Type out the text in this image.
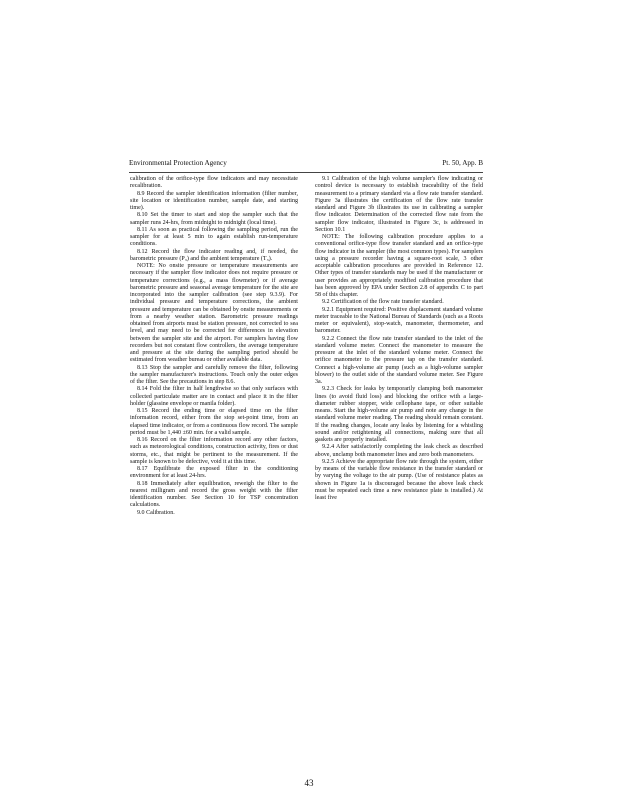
Environmental Protection Agency	Pt. 50, App. B

calibration of the orifice-type flow indicators and may necessitate recalibration.

8.9 Record the sampler identification information (filter number, site location or identification number, sample date, and starting time).

8.10 Set the timer to start and stop the sampler such that the sampler runs 24-hrs, from midnight to midnight (local time).

8.11 As soon as practical following the sampling period, run the sampler for at least 5 min to again establish run-temperature conditions.

8.12 Record the flow indicator reading and, if needed, the barometric pressure (P₃) and the ambient temperature (T₃).

NOTE: No onsite pressure or temperature measurements are necessary if the sampler flow indicator does not require pressure or temperature corrections (e.g., a mass flowmeter) or if average barometric pressure and seasonal average temperature for the site are incorporated into the sampler calibration (see step 9.3.9). For individual pressure and temperature corrections, the ambient pressure and temperature can be obtained by onsite measurements or from a nearby weather station. Barometric pressure readings obtained from airports must be station pressure, not corrected to sea level, and may need to be corrected for differences in elevation between the sampler site and the airport. For samplers having flow recorders but not constant flow controllers, the average temperature and pressure at the site during the sampling period should be estimated from weather bureau or other available data.

8.13 Stop the sampler and carefully remove the filter, following the sampler manufacturer's instructions. Touch only the outer edges of the filter. See the precautions in step 8.6.

8.14 Fold the filter in half lengthwise so that only surfaces with collected particulate matter are in contact and place it in the filter holder (glassine envelope or manila folder).

8.15 Record the ending time or elapsed time on the filter information record, either from the stop set-point time, from an elapsed time indicator, or from a continuous flow record. The sample period must be 1,440 ±60 min. for a valid sample.

8.16 Record on the filter information record any other factors, such as meteorological conditions, construction activity, fires or dust storms, etc., that might be pertinent to the measurement. If the sample is known to be defective, void it at this time.

8.17 Equilibrate the exposed filter in the conditioning environment for at least 24-hrs.

8.18 Immediately after equilibration, reweigh the filter to the nearest milligram and record the gross weight with the filter identification number. See Section 10 for TSP concentration calculations.

9.0 Calibration.

9.1 Calibration of the high volume sampler's flow indicating or control device is necessary to establish traceability of the field measurement to a primary standard via a flow rate transfer standard. Figure 3a illustrates the certification of the flow rate transfer standard and Figure 3b illustrates its use in calibrating a sampler flow indicator. Determination of the corrected flow rate from the sampler flow indicator, illustrated in Figure 3c, is addressed in Section 10.1

NOTE: The following calibration procedure applies to a conventional orifice-type flow transfer standard and an orifice-type flow indicator in the sampler (the most common types). For samplers using a pressure recorder having a square-root scale, 3 other acceptable calibration procedures are provided in Reference 12. Other types of transfer standards may be used if the manufacturer or user provides an appropriately modified calibration procedure that has been approved by EPA under Section 2.8 of appendix C to part 58 of this chapter.

9.2 Certification of the flow rate transfer standard.

9.2.1 Equipment required: Positive displacement standard volume meter traceable to the National Bureau of Standards (such as a Roots meter or equivalent), stop-watch, manometer, thermometer, and barometer.

9.2.2 Connect the flow rate transfer standard to the inlet of the standard volume meter. Connect the manometer to measure the pressure at the inlet of the standard volume meter. Connect the orifice manometer to the pressure tap on the transfer standard. Connect a high-volume air pump (such as a high-volume sampler blower) to the outlet side of the standard volume meter. See Figure 3a.

9.2.3 Check for leaks by temporarily clamping both manometer lines (to avoid fluid loss) and blocking the orifice with a large-diameter rubber stopper, wide cellophane tape, or other suitable means. Start the high-volume air pump and note any change in the standard volume meter reading. The reading should remain constant. If the reading changes, locate any leaks by listening for a whistling sound and/or retightening all connections, making sure that all gaskets are properly installed.

9.2.4 After satisfactorily completing the leak check as described above, unclamp both manometer lines and zero both manometers.

9.2.5 Achieve the appropriate flow rate through the system, either by means of the variable flow resistance in the transfer standard or by varying the voltage to the air pump. (Use of resistance plates as shown in Figure 1a is discouraged because the above leak check must be repeated each time a new resistance plate is installed.) At least five

43
